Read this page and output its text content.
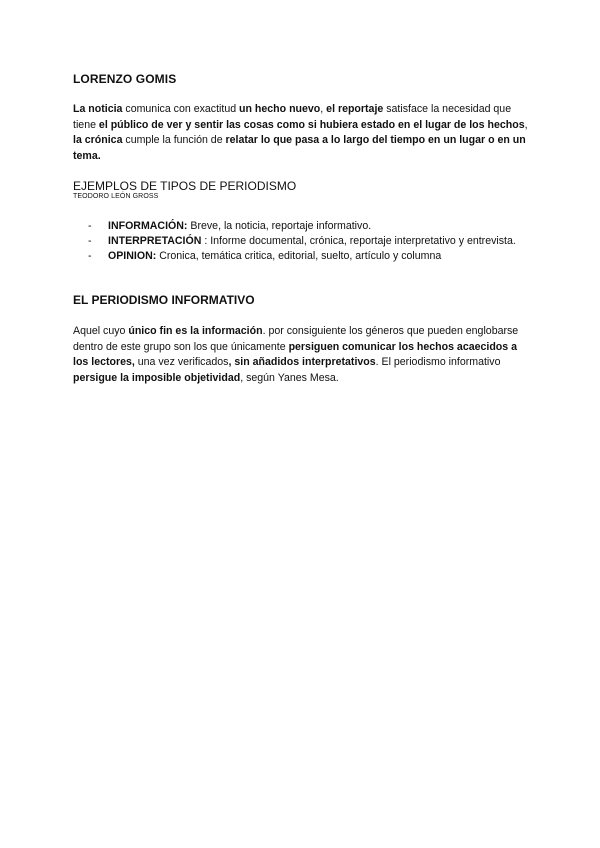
LORENZO GOMIS

La noticia comunica con exactitud un hecho nuevo, el reportaje satisface la necesidad que tiene el público de ver y sentir las cosas como si hubiera estado en el lugar de los hechos, la crónica cumple la función de relatar lo que pasa a lo largo del tiempo en un lugar o en un tema.

EJEMPLOS DE TIPOS DE PERIODISMO
TEODORO LEÓN GROSS
- INFORMACIÓN: Breve, la noticia, reportaje informativo.
- INTERPRETACIÓN : Informe documental, crónica, reportaje interpretativo y entrevista.
- OPINION: Cronica, temática critica, editorial, suelto, artículo y columna
EL PERIODISMO INFORMATIVO

Aquel cuyo único fin es la información. por consiguiente los géneros que pueden englobarse dentro de este grupo son los que únicamente persiguen comunicar los hechos acaecidos a los lectores, una vez verificados, sin añadidos interpretativos. El periodismo informativo persigue la imposible objetividad, según Yanes Mesa.
